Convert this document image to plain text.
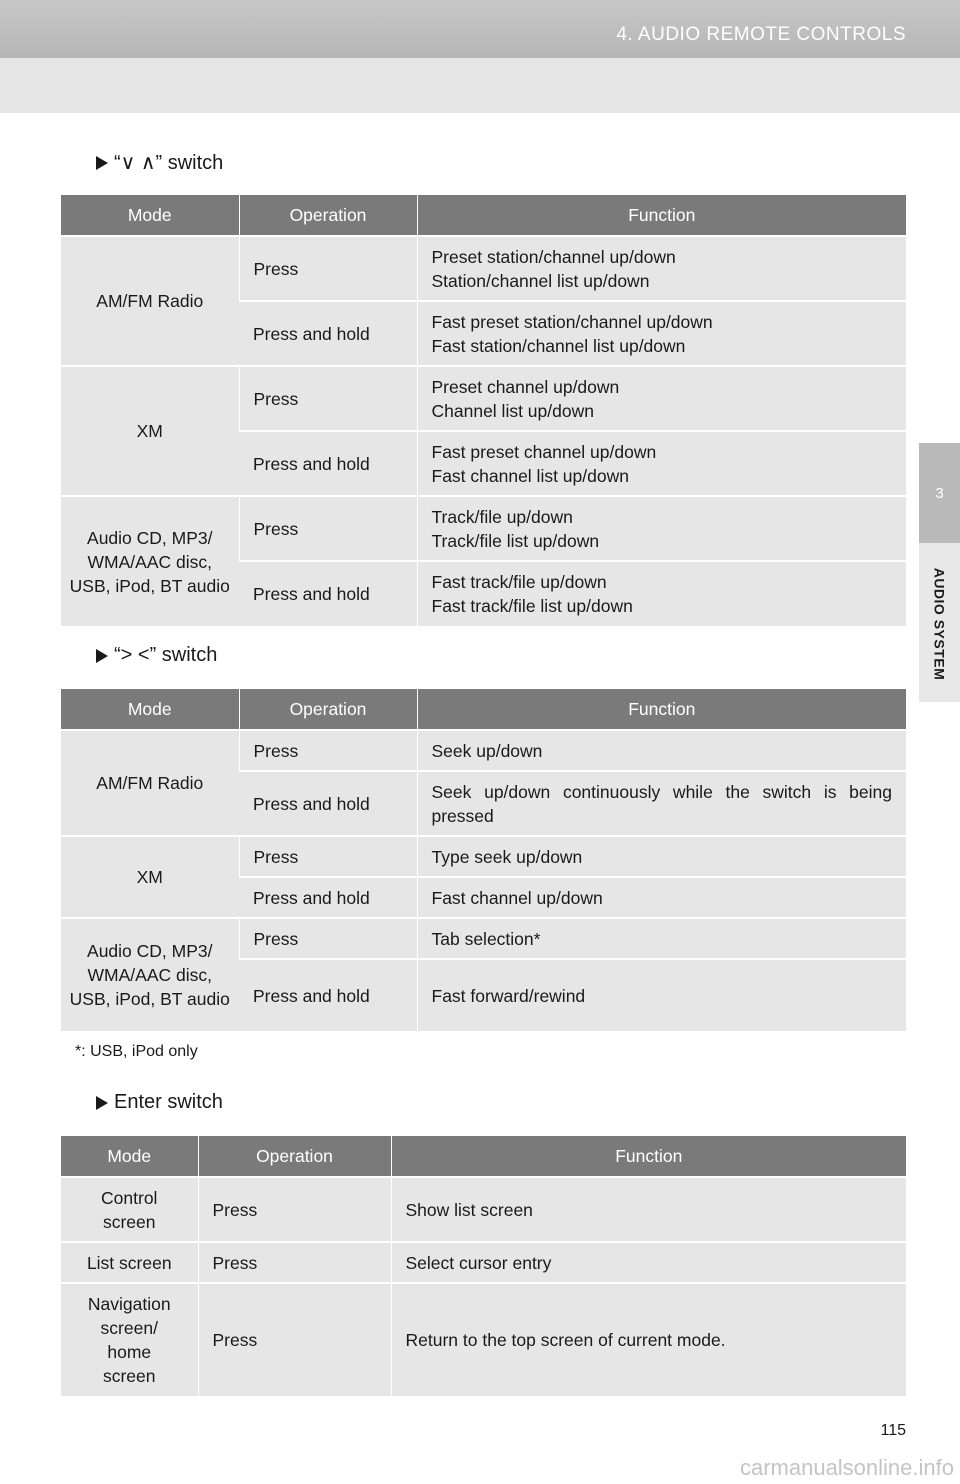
4. AUDIO REMOTE CONTROLS
3
AUDIO SYSTEM
“∨ ∧” switch
Mode	Operation	Function
AM/FM Radio	Press	Preset station/channel up/down
Station/channel list up/down
	Press and hold	Fast preset station/channel up/down
Fast station/channel list up/down
XM	Press	Preset channel up/down
Channel list up/down
	Press and hold	Fast preset channel up/down
Fast channel list up/down
Audio CD, MP3/ WMA/AAC disc, USB, iPod, BT audio	Press	Track/file up/down
Track/file list up/down
	Press and hold	Fast track/file up/down
Fast track/file list up/down
“> <” switch
Mode	Operation	Function
AM/FM Radio	Press	Seek up/down
	Press and hold	Seek up/down continuously while the switch is being pressed
XM	Press	Type seek up/down
	Press and hold	Fast channel up/down
Audio CD, MP3/ WMA/AAC disc, USB, iPod, BT audio	Press	Tab selection*
	Press and hold	Fast forward/rewind
*: USB, iPod only
Enter switch
Mode	Operation	Function
Control screen	Press	Show list screen
List screen	Press	Select cursor entry
Navigation screen/ home screen	Press	Return to the top screen of current mode.
115
carmanualsonline.info
